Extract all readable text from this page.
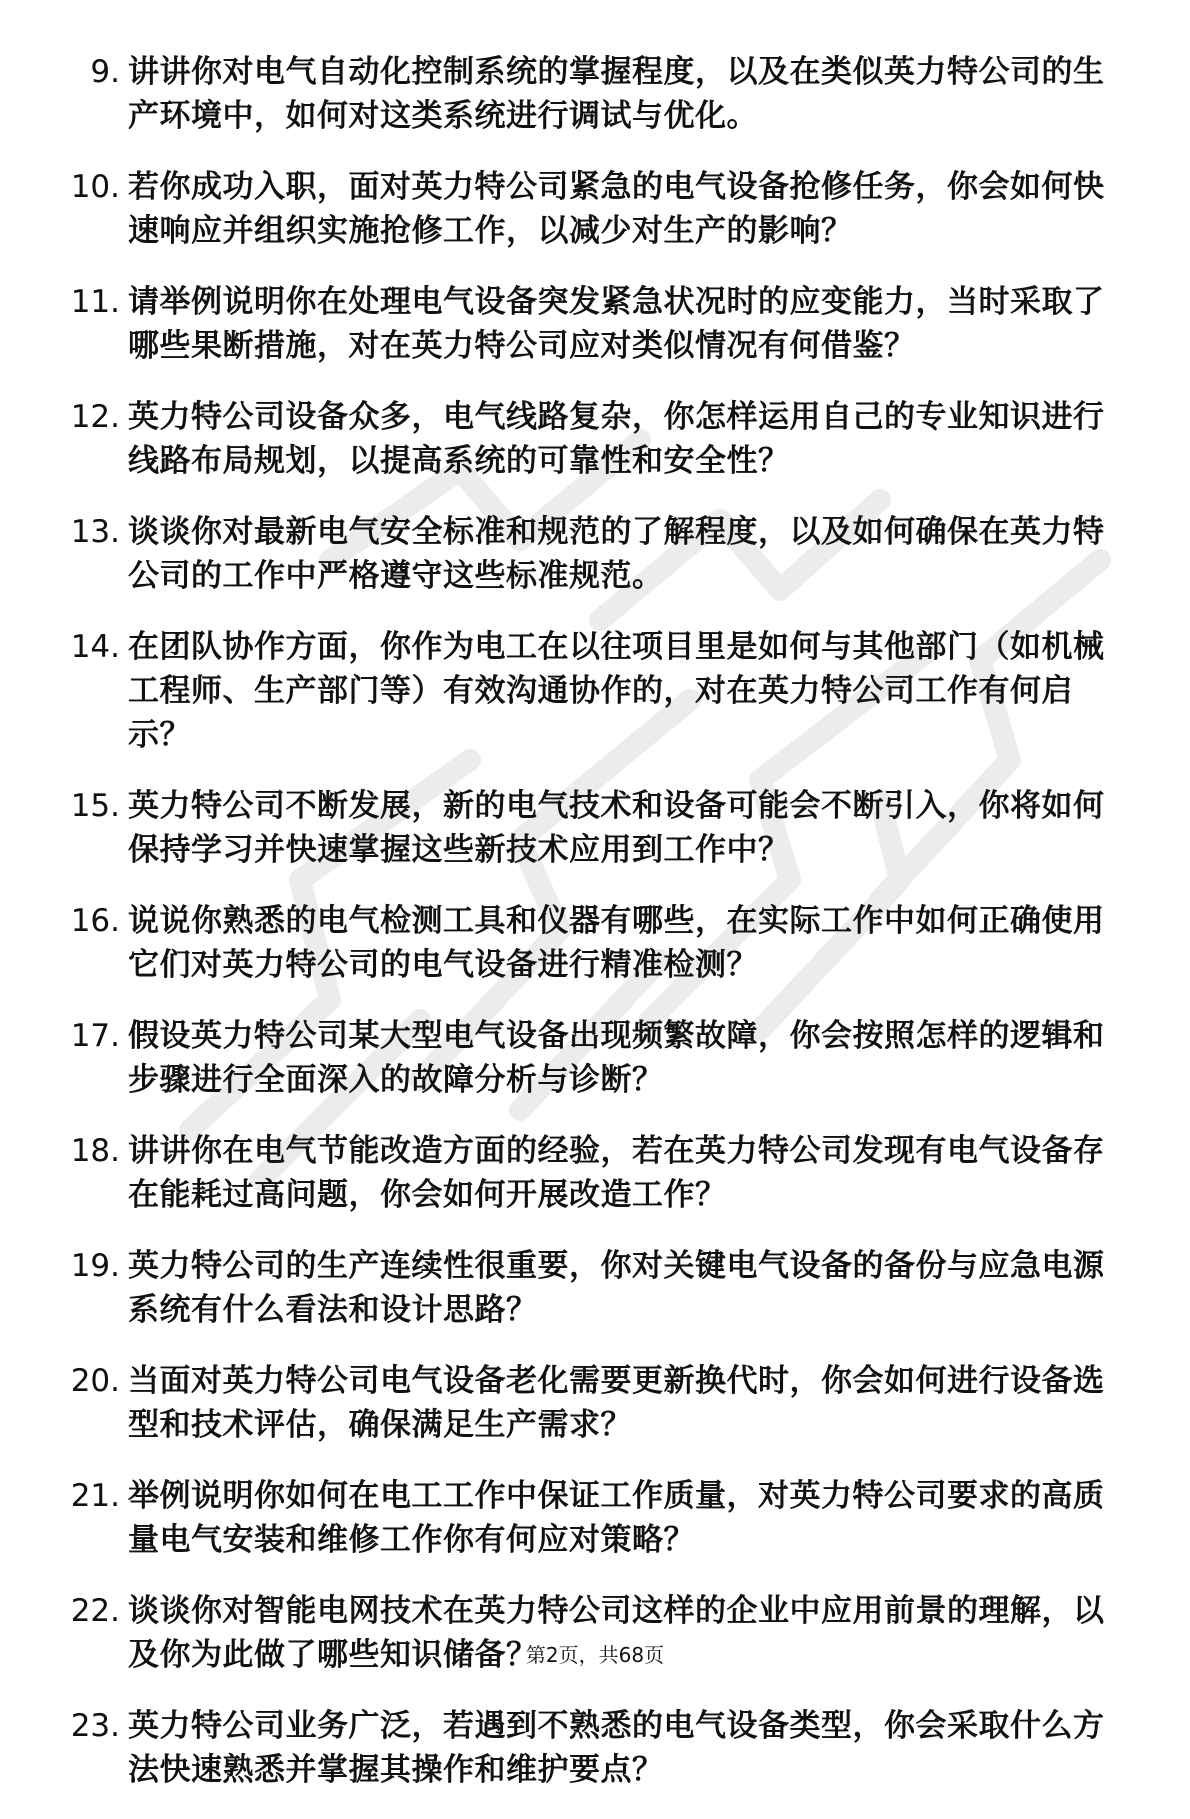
9. 讲讲你对电气自动化控制系统的掌握程度，以及在类似英力特公司的生产环境中，如何对这类系统进行调试与优化。
10. 若你成功入职，面对英力特公司紧急的电气设备抢修任务，你会如何快速响应并组织实施抢修工作，以减少对生产的影响？
11. 请举例说明你在处理电气设备突发紧急状况时的应变能力，当时采取了哪些果断措施，对在英力特公司应对类似情况有何借鉴？
12. 英力特公司设备众多，电气线路复杂，你怎样运用自己的专业知识进行线路布局规划，以提高系统的可靠性和安全性？
13. 谈谈你对最新电气安全标准和规范的了解程度，以及如何确保在英力特公司的工作中严格遵守这些标准规范。
14. 在团队协作方面，你作为电工在以往项目里是如何与其他部门（如机械工程师、生产部门等）有效沟通协作的，对在英力特公司工作有何启示？
15. 英力特公司不断发展，新的电气技术和设备可能会不断引入，你将如何保持学习并快速掌握这些新技术应用到工作中？
16. 说说你熟悉的电气检测工具和仪器有哪些，在实际工作中如何正确使用它们对英力特公司的电气设备进行精准检测？
17. 假设英力特公司某大型电气设备出现频繁故障，你会按照怎样的逻辑和步骤进行全面深入的故障分析与诊断？
18. 讲讲你在电气节能改造方面的经验，若在英力特公司发现有电气设备存在能耗过高问题，你会如何开展改造工作？
19. 英力特公司的生产连续性很重要，你对关键电气设备的备份与应急电源系统有什么看法和设计思路？
20. 当面对英力特公司电气设备老化需要更新换代时，你会如何进行设备选型和技术评估，确保满足生产需求？
21. 举例说明你如何在电工工作中保证工作质量，对英力特公司要求的高质量电气安装和维修工作你有何应对策略？
22. 谈谈你对智能电网技术在英力特公司这样的企业中应用前景的理解，以及你为此做了哪些知识储备？
23. 英力特公司业务广泛，若遇到不熟悉的电气设备类型，你会采取什么方法快速熟悉并掌握其操作和维护要点？
第2页，共68页
